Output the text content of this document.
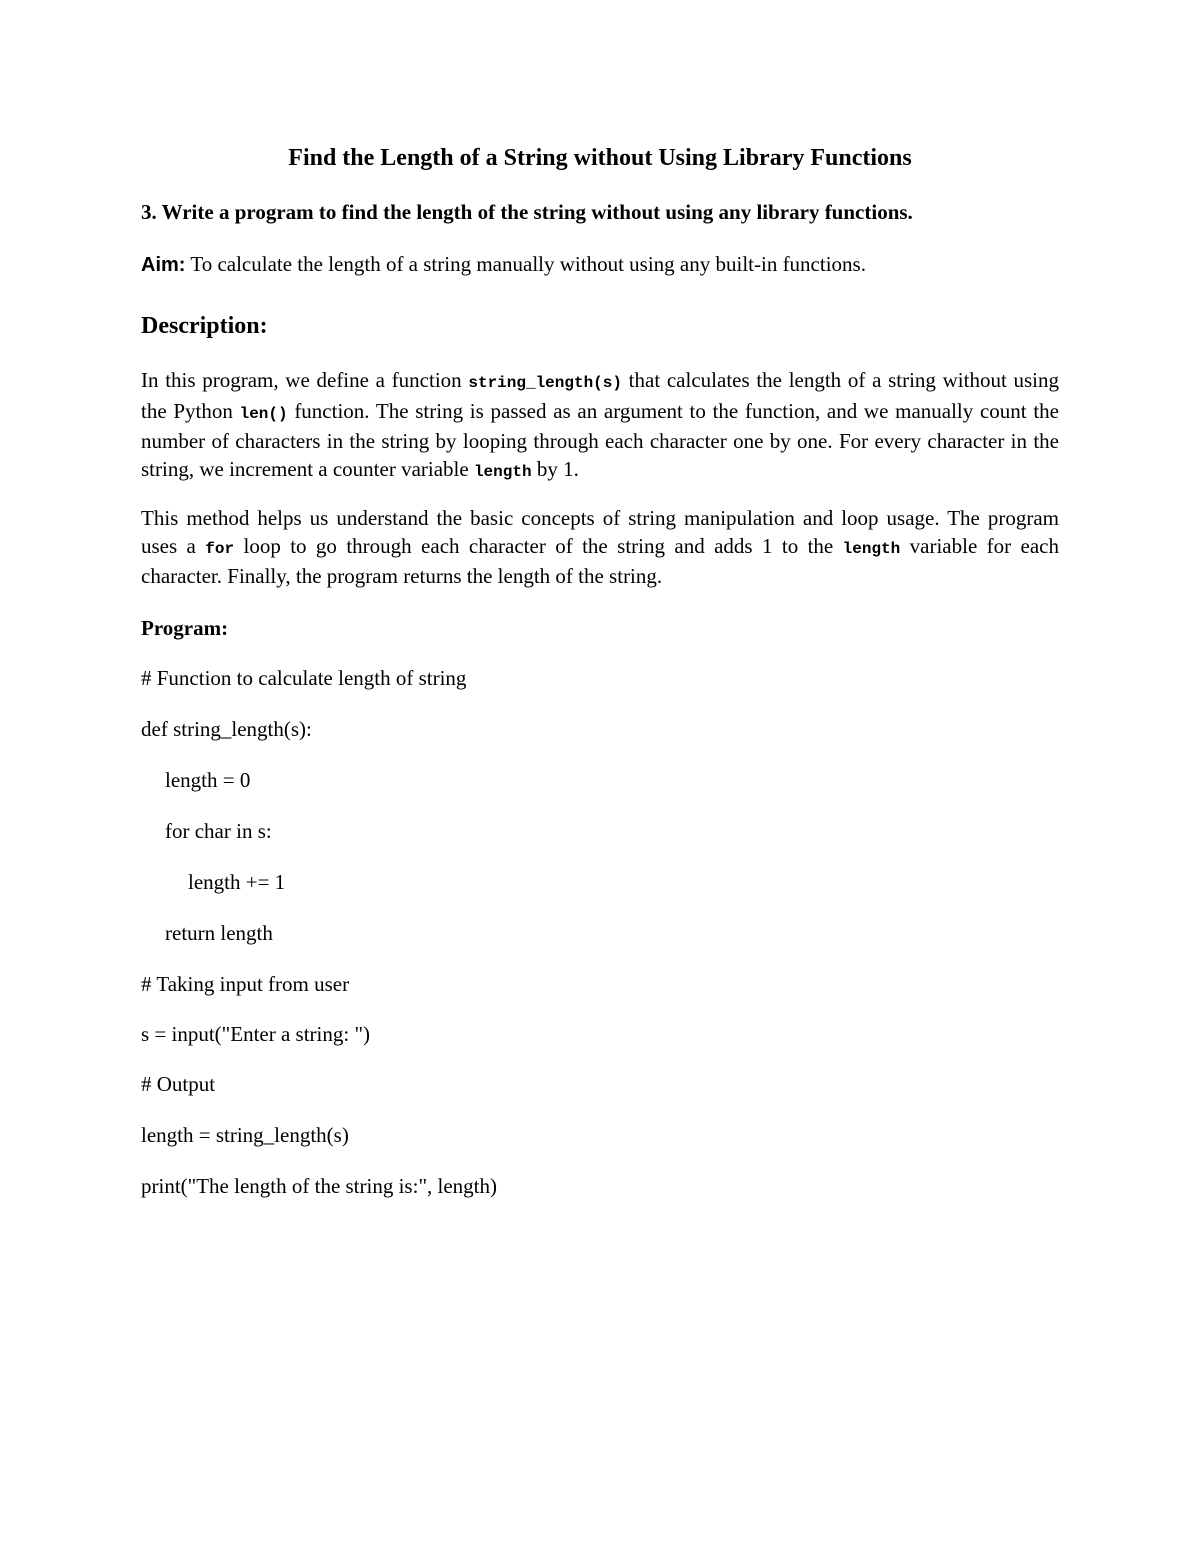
Find the Length of a String without Using Library Functions
3. Write a program to find the length of the string without using any library functions.
Aim: To calculate the length of a string manually without using any built-in functions.
Description:
In this program, we define a function string_length(s) that calculates the length of a string without using the Python len() function. The string is passed as an argument to the function, and we manually count the number of characters in the string by looping through each character one by one. For every character in the string, we increment a counter variable length by 1.
This method helps us understand the basic concepts of string manipulation and loop usage. The program uses a for loop to go through each character of the string and adds 1 to the length variable for each character. Finally, the program returns the length of the string.
Program:
# Function to calculate length of string
def string_length(s):
length = 0
for char in s:
length += 1
return length
# Taking input from user
s = input("Enter a string: ")
# Output
length = string_length(s)
print("The length of the string is:", length)
